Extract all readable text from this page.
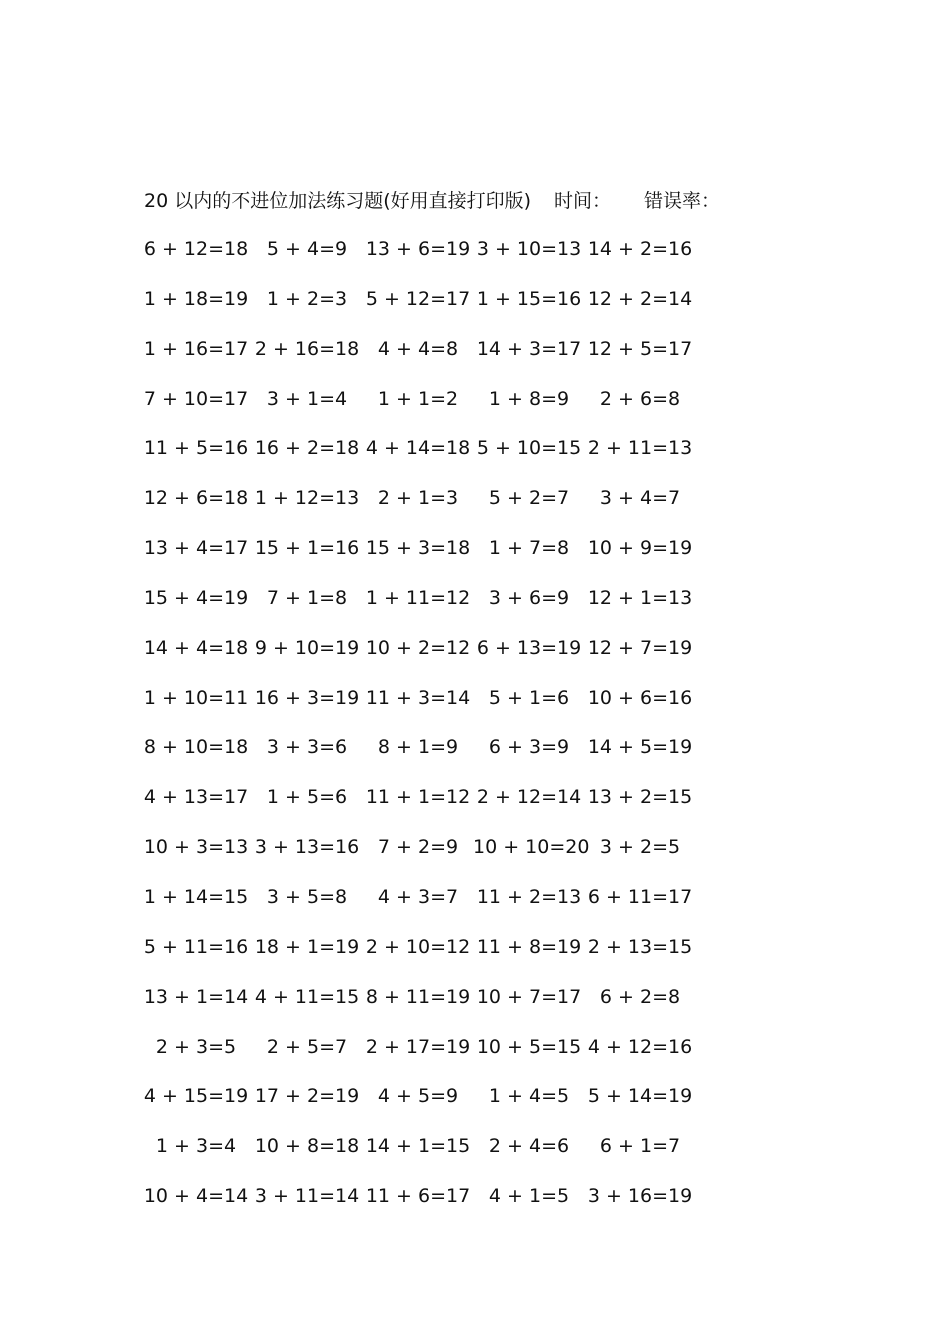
20 以内的不进位加法练习题(好用直接打印版) 时间： 错误率：
6 + 12=18 5 + 4=9 13 + 6=19 3 + 10=13 14 + 2=16
1 + 18=19 1 + 2=3 5 + 12=17 1 + 15=16 12 + 2=14
1 + 16=17 2 + 16=18 4 + 4=8 14 + 3=17 12 + 5=17
7 + 10=17 3 + 1=4	1 + 1=2	1 + 8=9	2 + 6=8
11 + 5=16 16 + 2=18 4 + 14=18 5 + 10=15 2 + 11=13
12 + 6=18 1 + 12=13 2 + 1=3	5 + 2=7	3 + 4=7
13 + 4=17 15 + 1=16 15 + 3=18 1 + 7=8 10 + 9=19
15 + 4=19 7 + 1=8 1 + 11=12 3 + 6=9 12 + 1=13
14 + 4=18 9 + 10=19 10 + 2=12 6 + 13=19 12 + 7=19
1 + 10=11 16 + 3=19 11 + 3=14 5 + 1=6 10 + 6=16
8 + 10=18 3 + 3=6	8 + 1=9	6 + 3=9 14 + 5=19
4 + 13=17 1 + 5=6 11 + 1=12 2 + 12=14 13 + 2=15
10 + 3=13 3 + 13=16 7 + 2=9 10 + 10=20 3 + 2=5
1 + 14=15 3 + 5=8	4 + 3=7 11 + 2=13 6 + 11=17
5 + 11=16 18 + 1=19 2 + 10=12 11 + 8=19 2 + 13=15
13 + 1=14 4 + 11=15 8 + 11=19 10 + 7=17 6 + 2=8
2 + 3=5	2 + 5=7 2 + 17=19 10 + 5=15 4 + 12=16
4 + 15=19 17 + 2=19 4 + 5=9	1 + 4=5 5 + 14=19
1 + 3=4 10 + 8=18 14 + 1=15 2 + 4=6	6 + 1=7
10 + 4=14 3 + 11=14 11 + 6=17 4 + 1=5 3 + 16=19
